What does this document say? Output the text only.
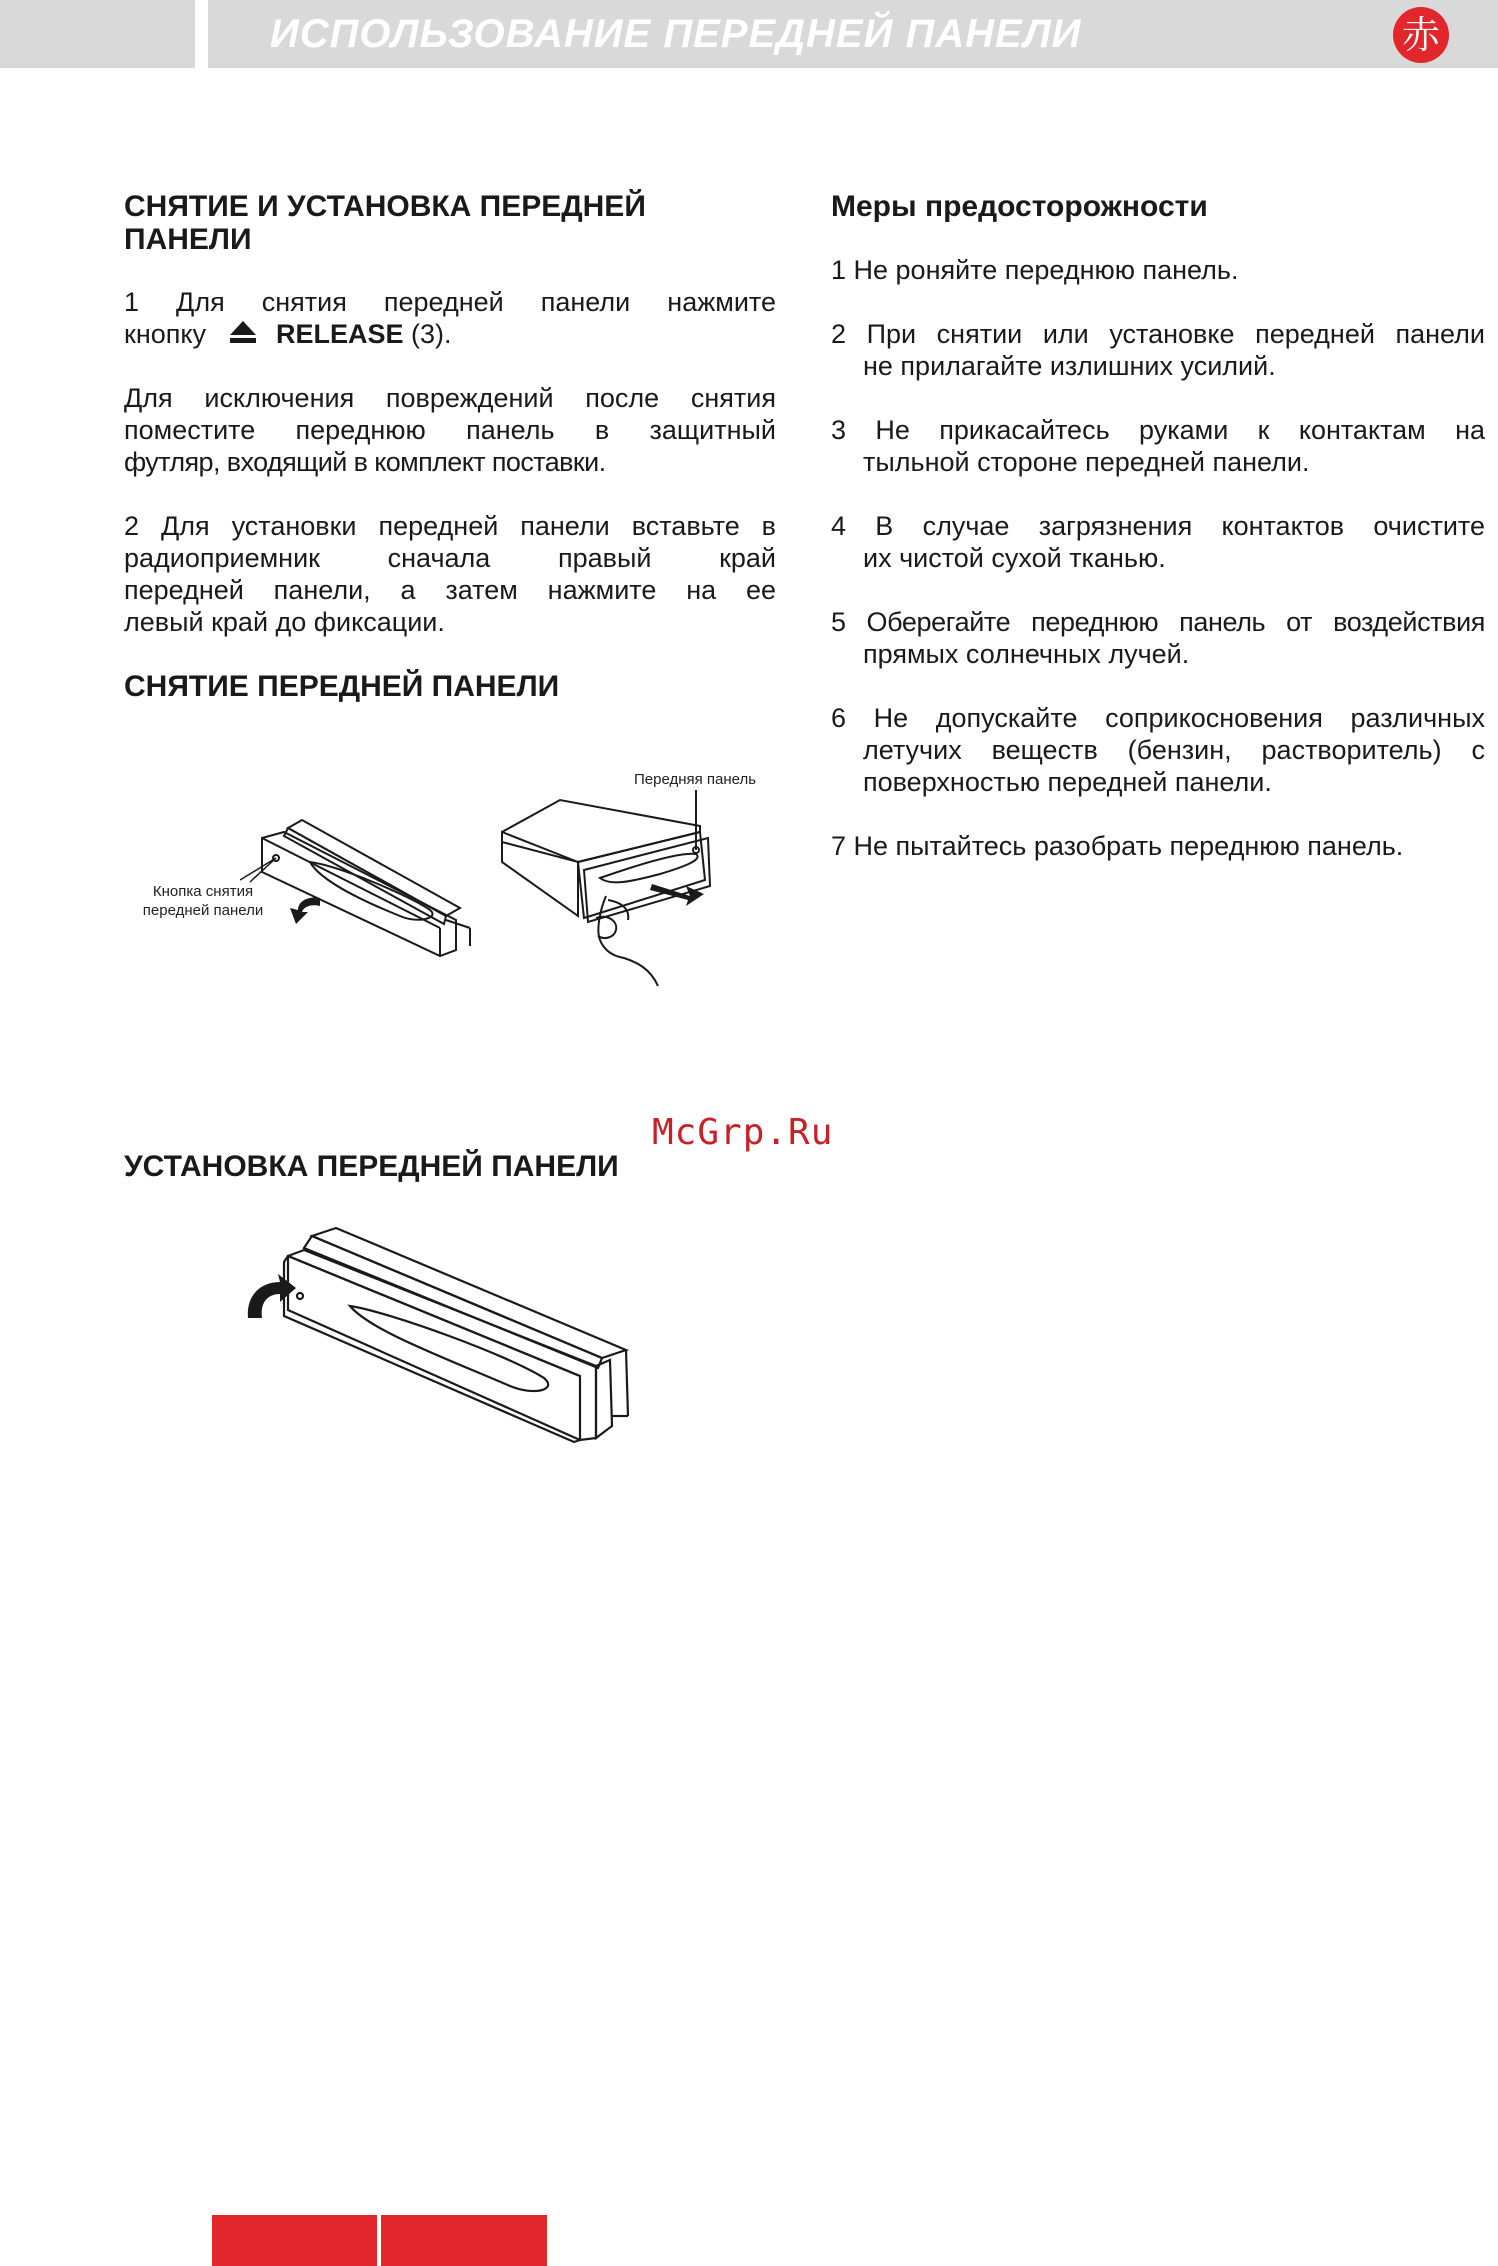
ИСПОЛЬЗОВАНИЕ ПЕРЕДНЕЙ ПАНЕЛИ	赤
СНЯТИЕ И УСТАНОВКА ПЕРЕДНЕЙ ПАНЕЛИ

1 Для снятия передней панели нажмите

кнопку	RELEASE (3).

Для исключения повреждений после снятия

поместите переднюю панель в защитный

футляр, входящий в комплект поставки.

2 Для установки передней панели вставьте в

радиоприемник сначала правый край

передней панели, а затем нажмите на ее

левый край до фиксации.

СНЯТИЕ ПЕРЕДНЕЙ ПАНЕЛИ
Кнопка снятия
передней панели
Передняя панель
McGrp.Ru
УСТАНОВКА ПЕРЕДНЕЙ ПАНЕЛИ
Меры предосторожности

1 Не роняйте переднюю панель.

2 При снятии или установке передней панели

не прилагайте излишних усилий.

3 Не прикасайтесь руками к контактам на

тыльной стороне передней панели.

4 В случае загрязнения контактов очистите

их чистой сухой тканью.

5 Оберегайте переднюю панель от воздействия

прямых солнечных лучей.

6 Не допускайте соприкосновения различных

летучих веществ (бензин, растворитель) с

поверхностью передней панели.

7 Не пытайтесь разобрать переднюю панель.
